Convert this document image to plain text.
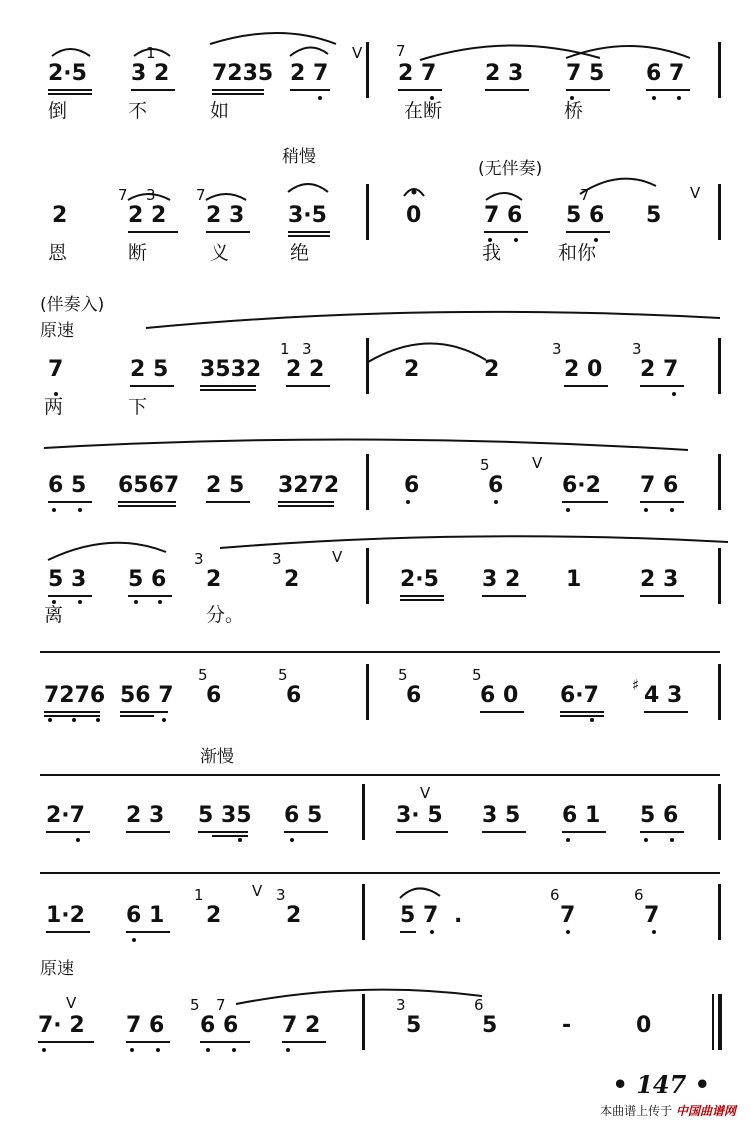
2·5
1
3 2 7235 2 7
V 7
2 7 2 3 7 5 6 7
倒	不	如	在断	桥
稍慢
(无伴奏)
2	2 2 2 3 3·5	0	7 6 5 6 5
V
7 3	7	7
恩	断	义	绝	我	和你
(伴奏入)
原速
7	2 5 3532 2 2	2	2	2 0 2 7
1 3	3	3
两	下
6 5 6567 2 5 3272	6
5
6
V
6·2 7 6
5 3 5 6
3
2
3
2
V
2·5 3 2 1	2 3
离	分。
7276 56 7
5
6
5
6
5
6
5
6 0 6·7 ♯ 4 3
渐慢
2·7 2 3 5 35 6 5
V
3· 5 3 5 6 1 5 6
1·2 6 1
1
2
V 3
2	5 7 .
6
7
6
7
原速
V
7· 2 7 6
5 7
6 6 7 2
3
5
6
5	-	0
• 147 •
本曲谱上传于 中国曲谱网
